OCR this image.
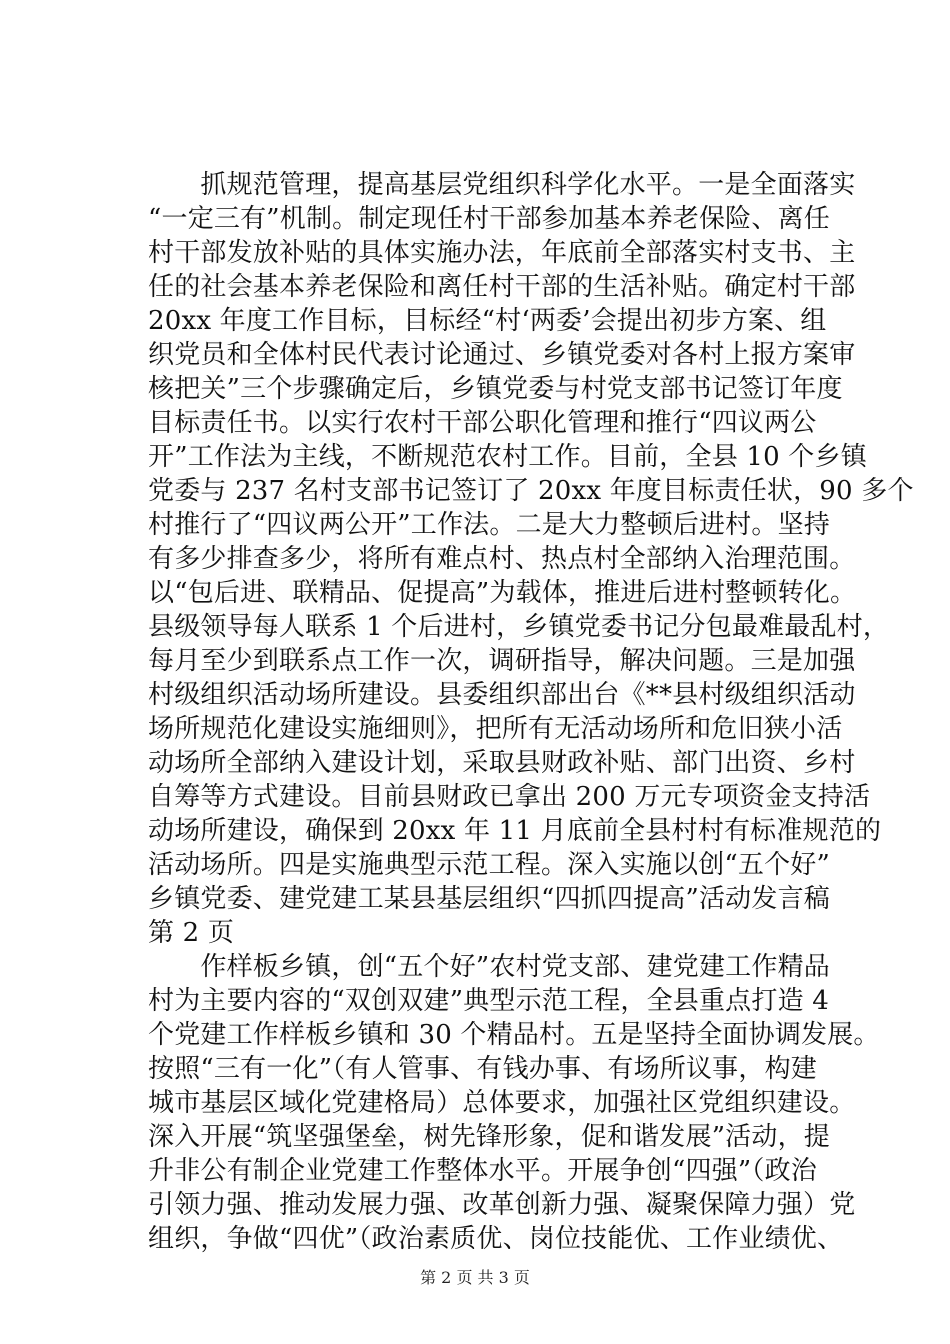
　　抓规范管理，提高基层党组织科学化水平。一是全面落实
“一定三有”机制。制定现任村干部参加基本养老保险、离任
村干部发放补贴的具体实施办法，年底前全部落实村支书、主
任的社会基本养老保险和离任村干部的生活补贴。确定村干部
20xx 年度工作目标，目标经“村‘两委’会提出初步方案、组
织党员和全体村民代表讨论通过、乡镇党委对各村上报方案审
核把关”三个步骤确定后，乡镇党委与村党支部书记签订年度
目标责任书。以实行农村干部公职化管理和推行“四议两公
开”工作法为主线，不断规范农村工作。目前，全县 10 个乡镇
党委与 237 名村支部书记签订了 20xx 年度目标责任状，90 多个
村推行了“四议两公开”工作法。二是大力整顿后进村。坚持
有多少排查多少，将所有难点村、热点村全部纳入治理范围。
以“包后进、联精品、促提高”为载体，推进后进村整顿转化。
县级领导每人联系 1 个后进村，乡镇党委书记分包最难最乱村，
每月至少到联系点工作一次，调研指导，解决问题。三是加强
村级组织活动场所建设。县委组织部出台《**县村级组织活动
场所规范化建设实施细则》，把所有无活动场所和危旧狭小活
动场所全部纳入建设计划，采取县财政补贴、部门出资、乡村
自筹等方式建设。目前县财政已拿出 200 万元专项资金支持活
动场所建设，确保到 20xx 年 11 月底前全县村村有标准规范的
活动场所。四是实施典型示范工程。深入实施以创“五个好”
乡镇党委、建党建工某县基层组织“四抓四提高”活动发言稿
第 2 页
　　作样板乡镇，创“五个好”农村党支部、建党建工作精品
村为主要内容的“双创双建”典型示范工程，全县重点打造 4
个党建工作样板乡镇和 30 个精品村。五是坚持全面协调发展。
按照“三有一化”（有人管事、有钱办事、有场所议事，构建
城市基层区域化党建格局）总体要求，加强社区党组织建设。
深入开展“筑坚强堡垒，树先锋形象，促和谐发展”活动，提
升非公有制企业党建工作整体水平。开展争创“四强”（政治
引领力强、推动发展力强、改革创新力强、凝聚保障力强）党
组织，争做“四优”（政治素质优、岗位技能优、工作业绩优、
第 2 页 共 3 页
